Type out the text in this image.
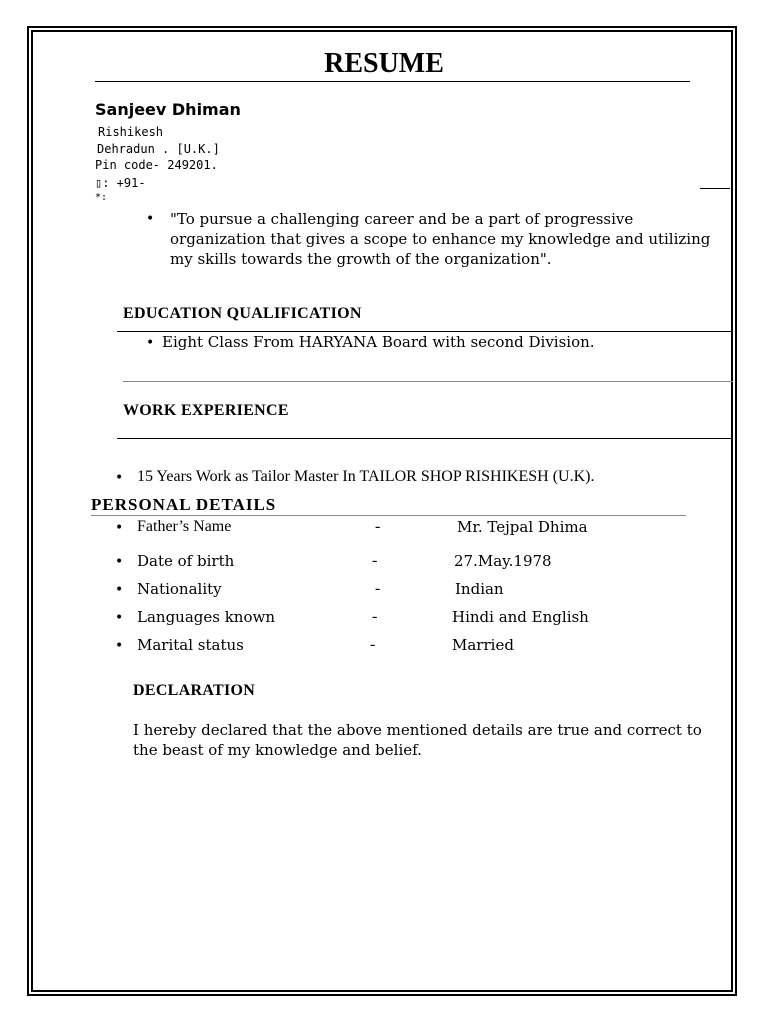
RESUME
Sanjeev Dhiman
Rishikesh
Dehradun . [U.K.]
Pin code- 249201.
▯: +91-
*:
• "To pursue a challenging career and be a part of progressive organization that gives a scope to enhance my knowledge and utilizing my skills towards the growth of the organization".
EDUCATION QUALIFICATION
• Eight Class From HARYANA Board with second Division.
WORK EXPERIENCE
• 15 Years Work as Tailor Master In TAILOR SHOP RISHIKESH (U.K).
PERSONAL DETAILS
• Father’s Name	-	Mr. Tejpal Dhima
• Date of birth	-	27.May.1978
• Nationality	-	Indian
• Languages known	-	Hindi and English
• Marital status	-	Married
DECLARATION
I hereby declared that the above mentioned details are true and correct to the beast of my knowledge and belief.
